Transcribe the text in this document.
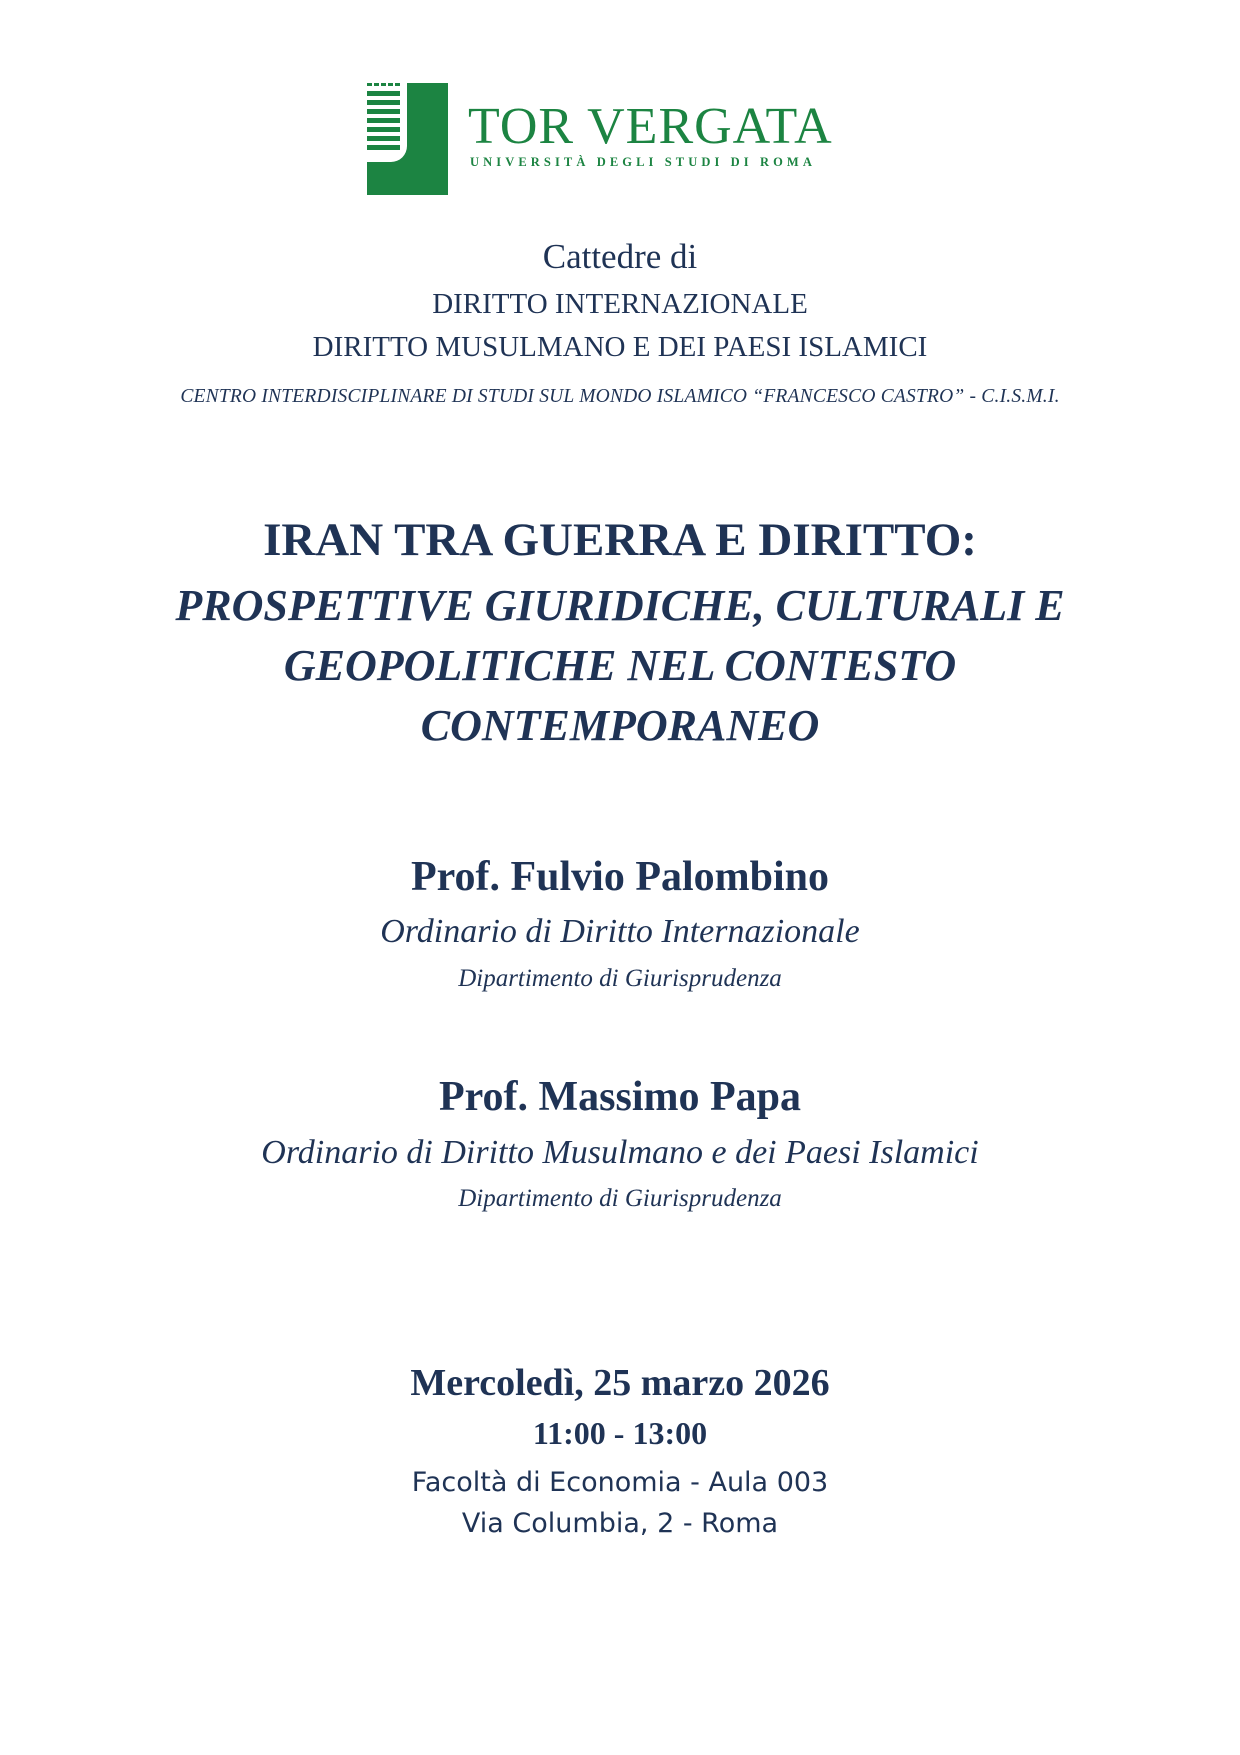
TOR VERGATA
UNIVERSITÀ DEGLI STUDI DI ROMA
Cattedre di
DIRITTO INTERNAZIONALE
DIRITTO MUSULMANO E DEI PAESI ISLAMICI
CENTRO INTERDISCIPLINARE DI STUDI SUL MONDO ISLAMICO “FRANCESCO CASTRO” - C.I.S.M.I.
IRAN TRA GUERRA E DIRITTO:
PROSPETTIVE GIURIDICHE, CULTURALI E
GEOPOLITICHE NEL CONTESTO
CONTEMPORANEO
Prof. Fulvio Palombino
Ordinario di Diritto Internazionale
Dipartimento di Giurisprudenza
Prof. Massimo Papa
Ordinario di Diritto Musulmano e dei Paesi Islamici
Dipartimento di Giurisprudenza
Mercoledì, 25 marzo 2026
11:00 - 13:00
Facoltà di Economia - Aula 003
Via Columbia, 2 - Roma
